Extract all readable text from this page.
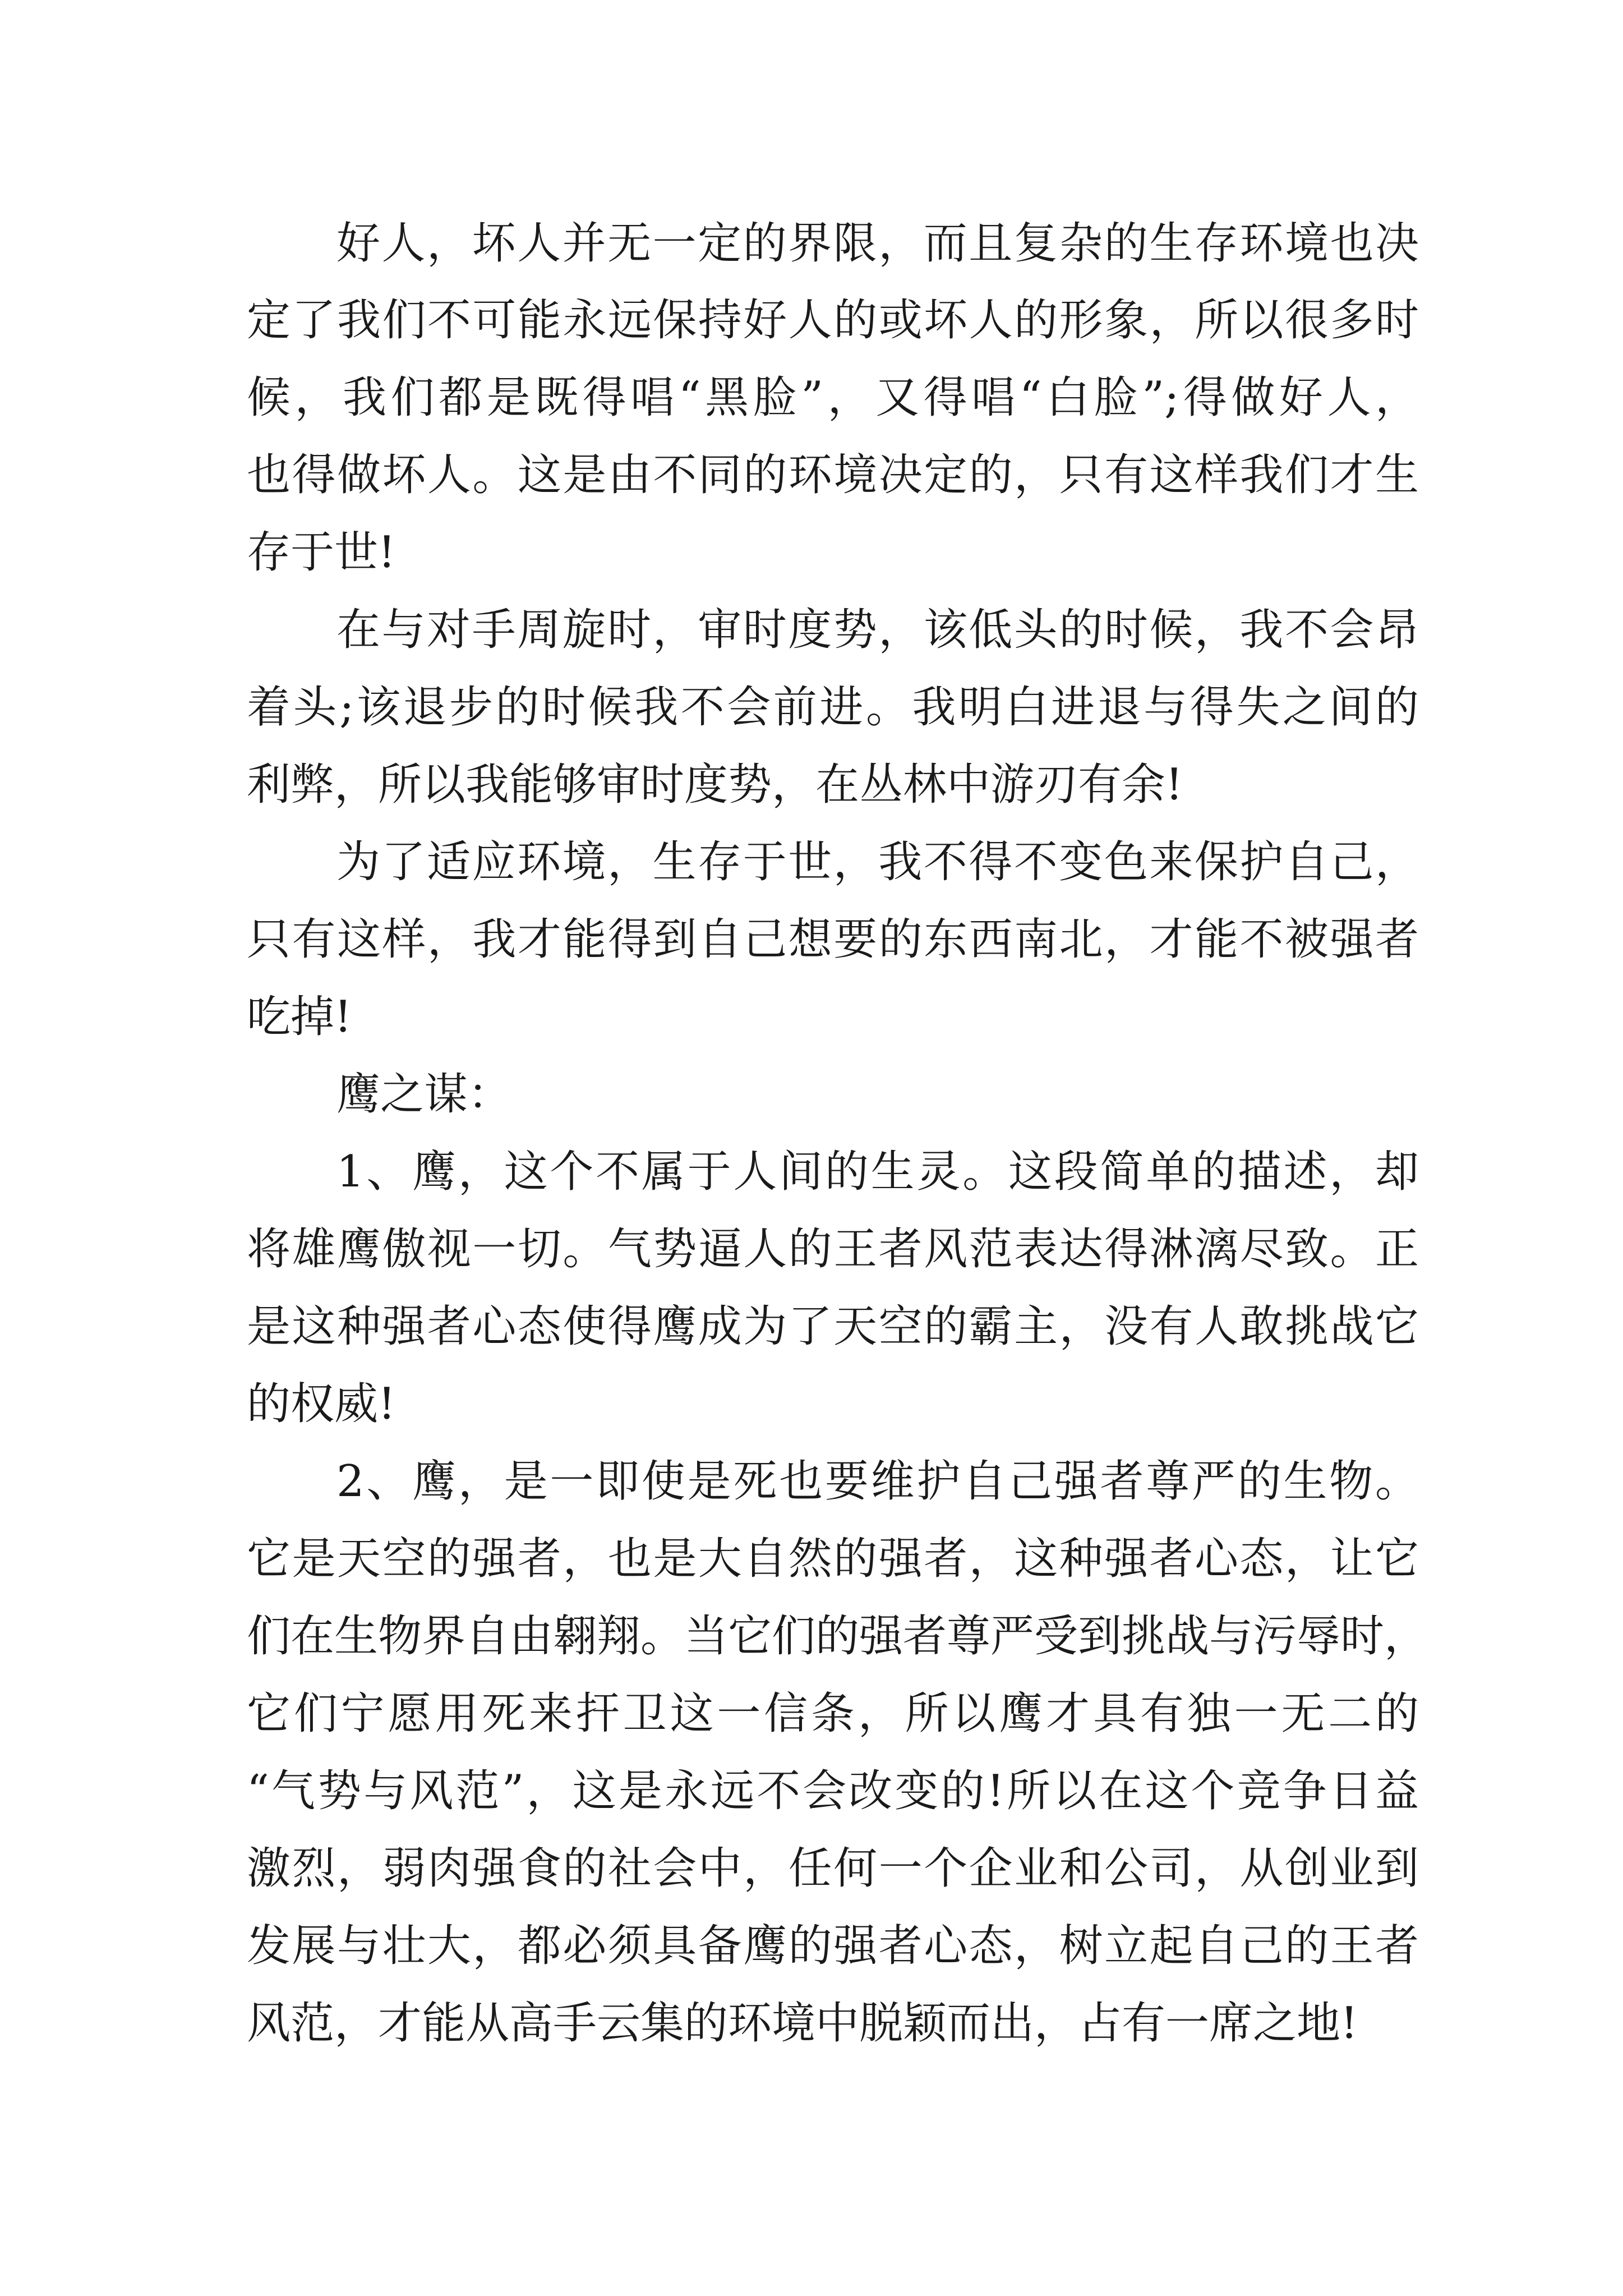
好人，坏人并无一定的界限，而且复杂的生存环境也决

定了我们不可能永远保持好人的或坏人的形象，所以很多时

候，我们都是既得唱“黑脸”，又得唱“白脸”;得做好人，

也得做坏人。这是由不同的环境决定的，只有这样我们才生

存于世!

在与对手周旋时，审时度势，该低头的时候，我不会昂

着头;该退步的时候我不会前进。我明白进退与得失之间的

利弊，所以我能够审时度势，在丛林中游刃有余!

为了适应环境，生存于世，我不得不变色来保护自己，

只有这样，我才能得到自己想要的东西南北，才能不被强者

吃掉!

鹰之谋：

1、鹰，这个不属于人间的生灵。这段简单的描述，却

将雄鹰傲视一切。气势逼人的王者风范表达得淋漓尽致。正

是这种强者心态使得鹰成为了天空的霸主，没有人敢挑战它

的权威!

2、鹰，是一即使是死也要维护自己强者尊严的生物。

它是天空的强者，也是大自然的强者，这种强者心态，让它

们在生物界自由翱翔。当它们的强者尊严受到挑战与污辱时，

它们宁愿用死来扞卫这一信条，所以鹰才具有独一无二的

“气势与风范”，这是永远不会改变的!所以在这个竞争日益

激烈，弱肉强食的社会中，任何一个企业和公司，从创业到

发展与壮大，都必须具备鹰的强者心态，树立起自己的王者

风范，才能从高手云集的环境中脱颖而出，占有一席之地!
